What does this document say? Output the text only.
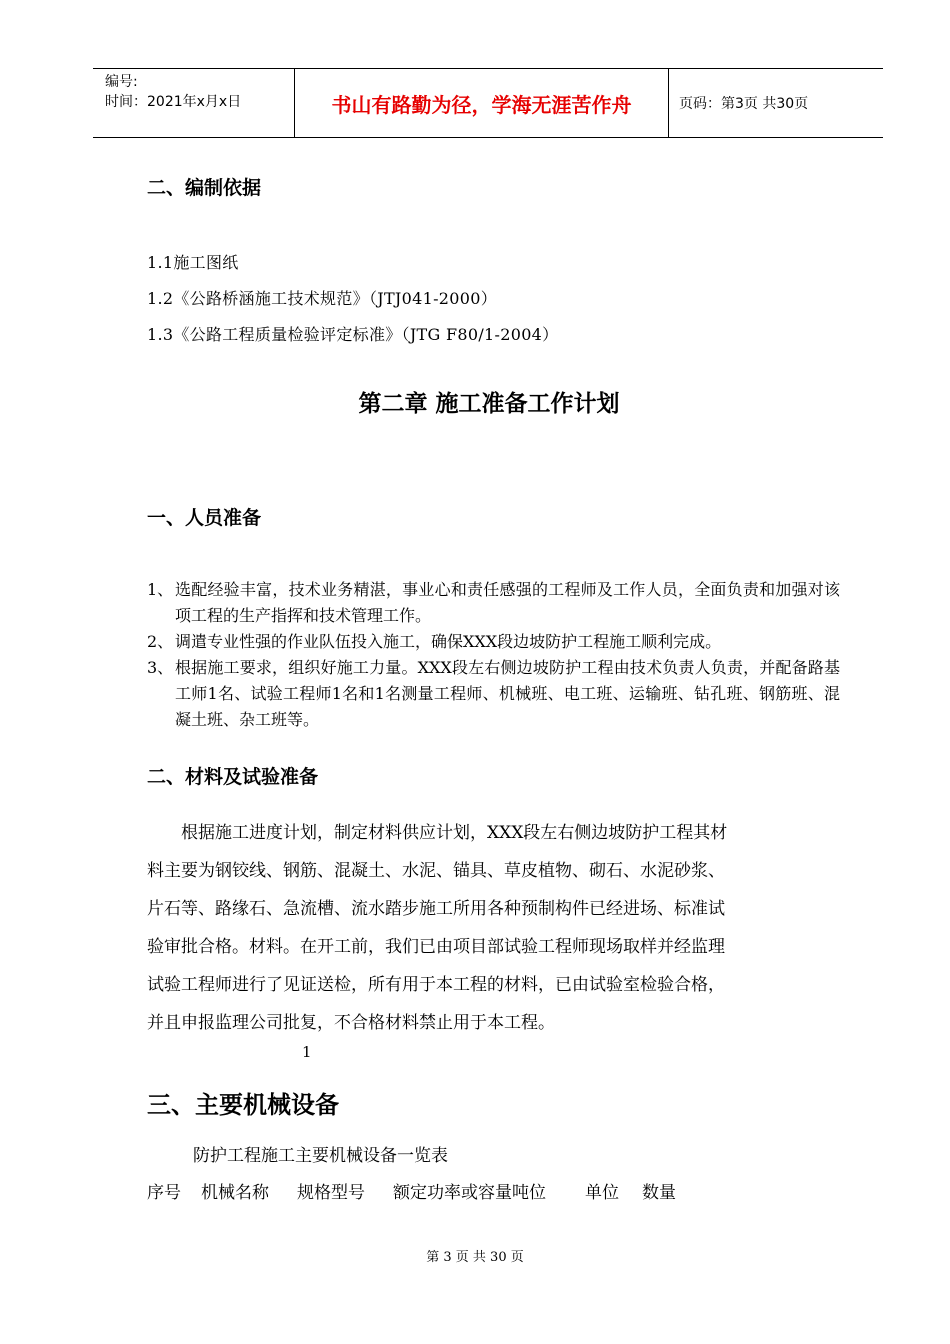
编号:
时间：2021年x月x日	书山有路勤为径，学海无涯苦作舟	页码：第3页 共30页
二、编制依据
1.1施工图纸
1.2《公路桥涵施工技术规范》（JTJ041-2000）
1.3《公路工程质量检验评定标准》（JTG F80/1-2004）
第二章 施工准备工作计划
一、人员准备
1、 选配经验丰富，技术业务精湛，事业心和责任感强的工程师及工作人员，全面负责和加强对该项工程的生产指挥和技术管理工作。
2、 调遣专业性强的作业队伍投入施工，确保XXX段边坡防护工程施工顺利完成。
3、 根据施工要求，组织好施工力量。XXX段左右侧边坡防护工程由技术负责人负责，并配备路基工师1名、试验工程师1名和1名测量工程师、机械班、电工班、运输班、钻孔班、钢筋班、混凝土班、杂工班等。
二、材料及试验准备
根据施工进度计划，制定材料供应计划，XXX段左右侧边坡防护工程其材
料主要为钢铰线、钢筋、混凝土、水泥、锚具、草皮植物、砌石、水泥砂浆、
片石等、路缘石、急流槽、流水踏步施工所用各种预制构件已经进场、标准试
验审批合格。材料。在开工前，我们已由项目部试验工程师现场取样并经监理
试验工程师进行了见证送检，所有用于本工程的材料，已由试验室检验合格，
并且申报监理公司批复，不合格材料禁止用于本工程。
1
三、主要机械设备
防护工程施工主要机械设备一览表
序号 机械名称 规格型号 额定功率或容量吨位 单位 数量
第 3 页 共 30 页
